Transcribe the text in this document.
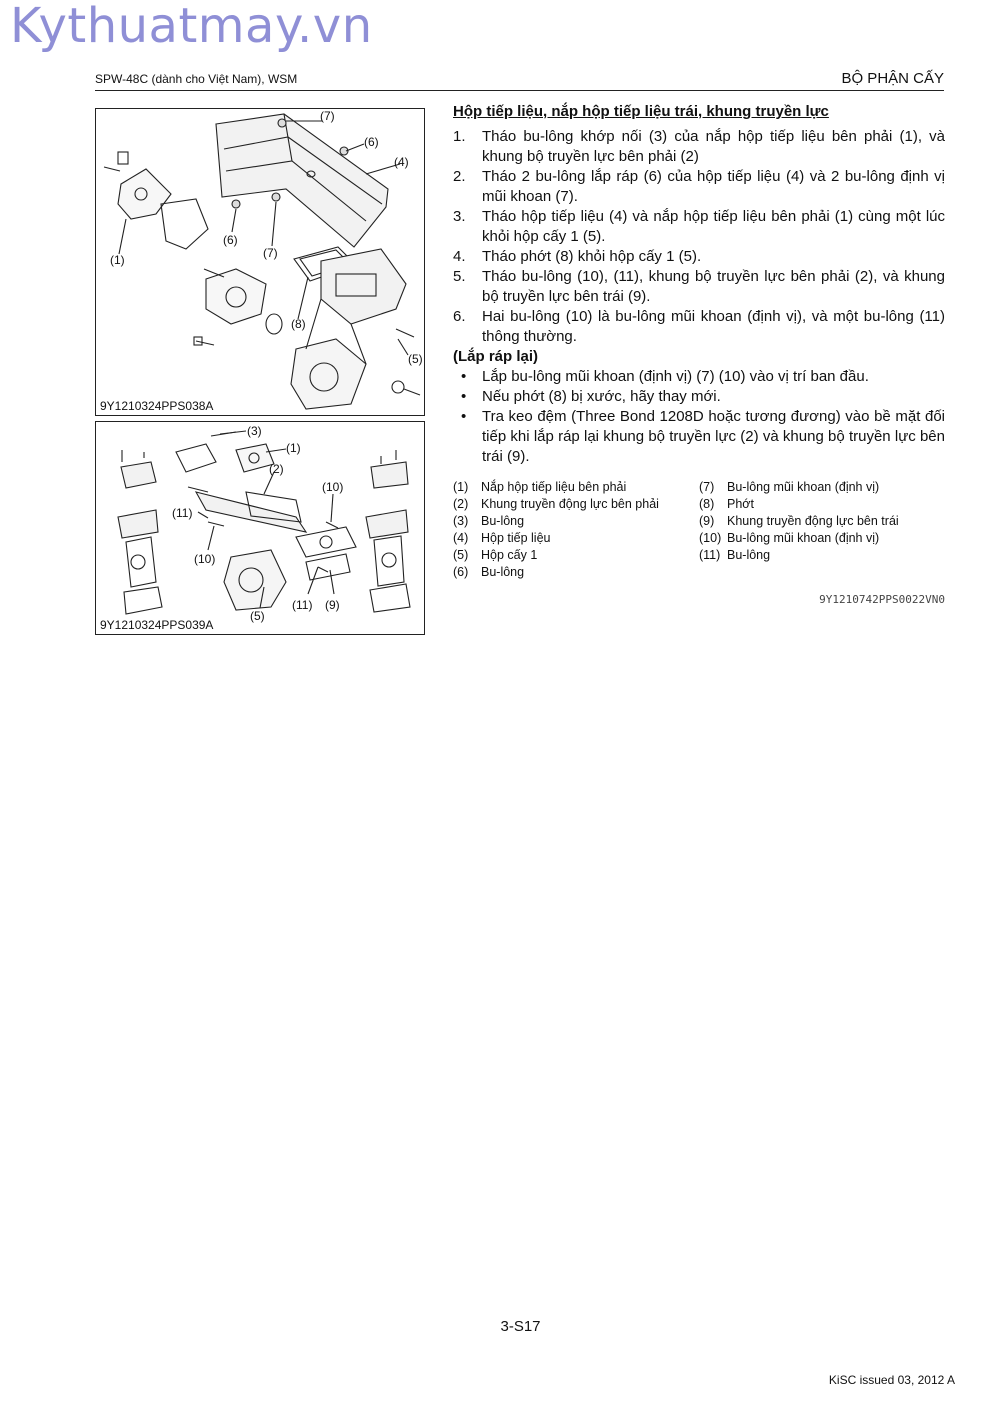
Kythuatmay.vn
SPW-48C (dành cho Việt Nam), WSM	BỘ PHẬN CẤY
(7)
(6)
(4)
(6)
(7)
(1)
(8)
(5)
9Y1210324PPS038A
(3)
(1)
(2)
(10)
(11)
(10)
(11) (9)
(5)
9Y1210324PPS039A
Hộp tiếp liệu, nắp hộp tiếp liệu trái, khung truyền lực
1. Tháo bu-lông khớp nối (3) của nắp hộp tiếp liệu bên phải (1), và khung bộ truyền lực bên phải (2)
2. Tháo 2 bu-lông lắp ráp (6) của hộp tiếp liệu (4) và 2 bu-lông định vị mũi khoan (7).
3. Tháo hộp tiếp liệu (4) và nắp hộp tiếp liệu bên phải (1) cùng một lúc khỏi hộp cấy 1 (5).
4. Tháo phớt (8) khỏi hộp cấy 1 (5).
5. Tháo bu-lông (10), (11), khung bộ truyền lực bên phải (2), và khung bộ truyền lực bên trái (9).
6. Hai bu-lông (10) là bu-lông mũi khoan (định vị), và một bu-lông (11) thông thường.
(Lắp ráp lại)
• Lắp bu-lông mũi khoan (định vị) (7) (10) vào vị trí ban đầu.
• Nếu phớt (8) bị xước, hãy thay mới.
• Tra keo đệm (Three Bond 1208D hoặc tương đương) vào bề mặt đối tiếp khi lắp ráp lại khung bộ truyền lực (2) và khung bộ truyền lực bên trái (9).
(1)	Nắp hộp tiếp liệu bên phải
(2)	Khung truyền động lực bên phải
(3)	Bu-lông
(4)	Hộp tiếp liệu
(5)	Hộp cấy 1
(6)	Bu-lông
(7)	Bu-lông mũi khoan (định vị)
(8)	Phớt
(9)	Khung truyền động lực bên trái
(10) Bu-lông mũi khoan (định vị)
(11) Bu-lông
9Y1210742PPS0022VN0
3-S17
KiSC issued 03, 2012 A
